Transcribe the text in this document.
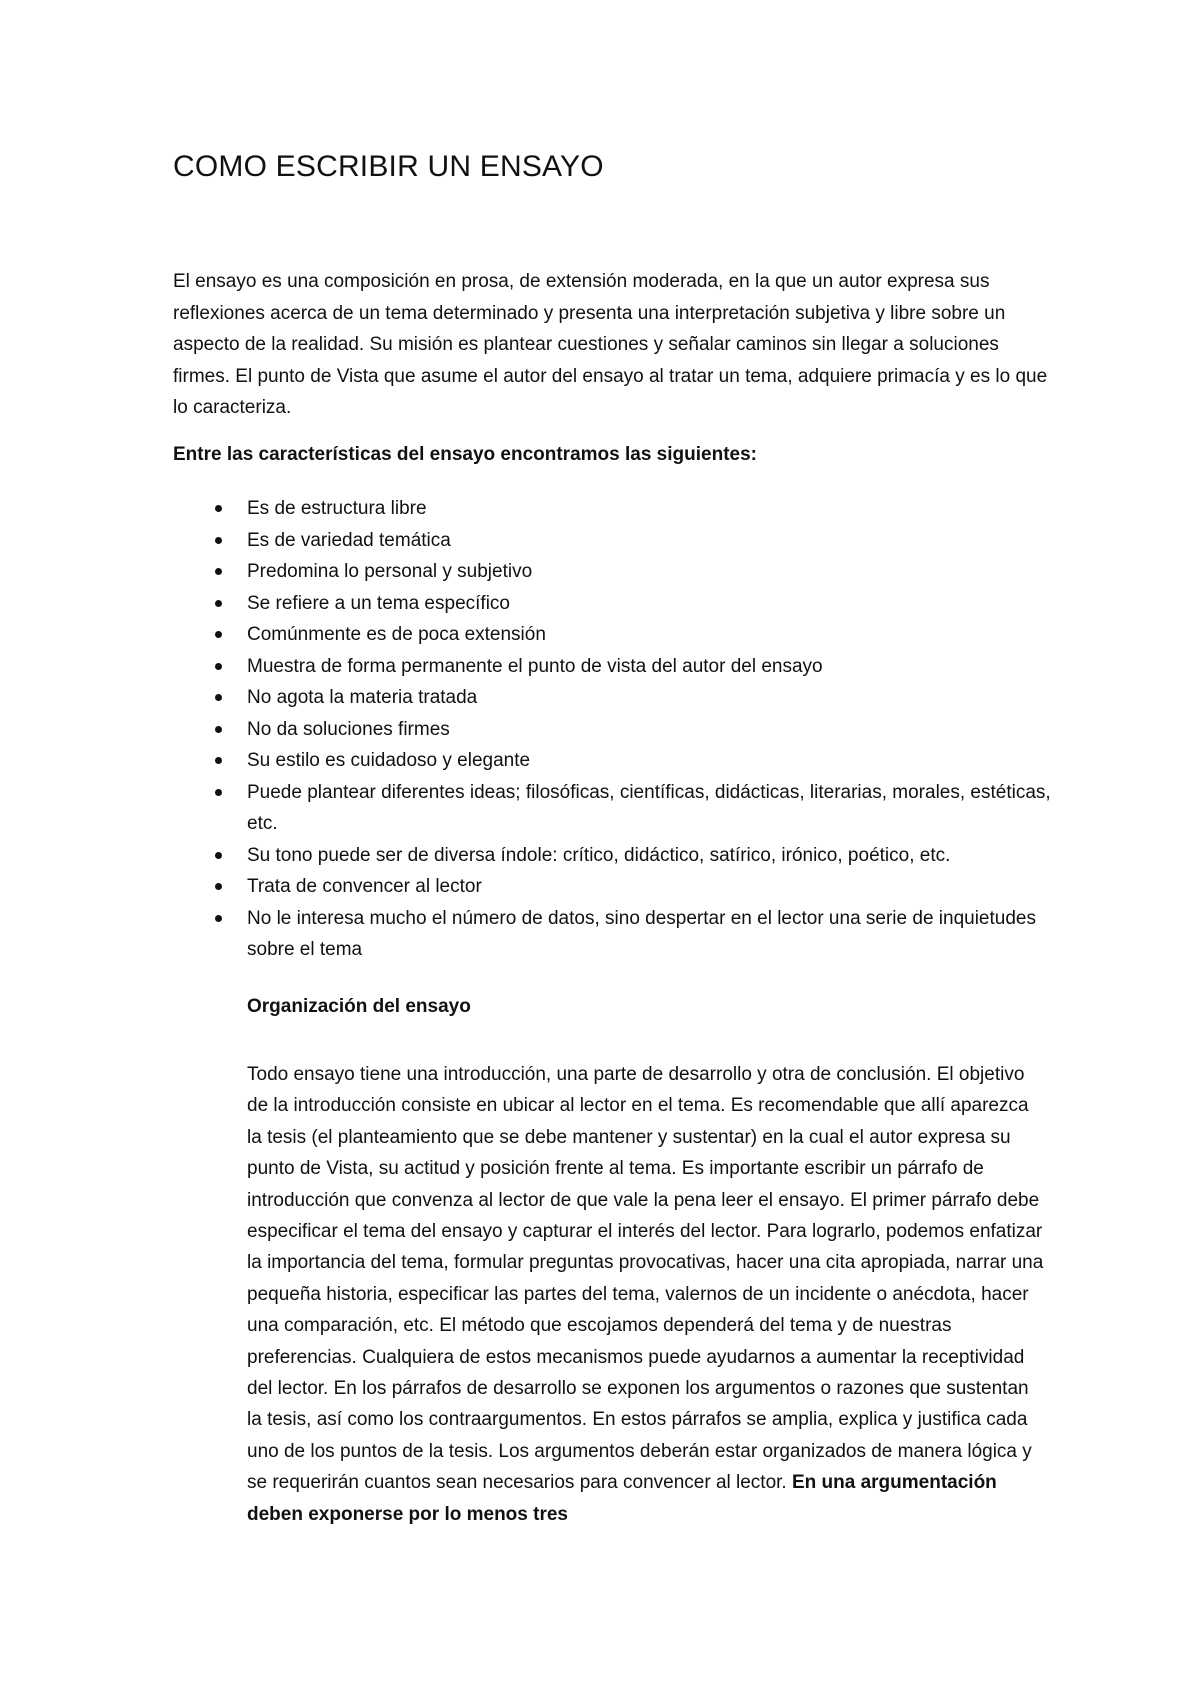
COMO ESCRIBIR UN ENSAYO

El ensayo es una composición en prosa, de extensión moderada, en la que un autor expresa sus reflexiones acerca de un tema determinado y presenta una interpretación subjetiva y libre sobre un aspecto de la realidad. Su misión es plantear cuestiones y señalar caminos sin llegar a soluciones firmes. El punto de Vista que asume el autor del ensayo al tratar un tema, adquiere primacía y es lo que lo caracteriza.

Entre las características del ensayo encontramos las siguientes:

Es de estructura libre
Es de variedad temática
Predomina lo personal y subjetivo
Se refiere a un tema específico
Comúnmente es de poca extensión
Muestra de forma permanente el punto de vista del autor del ensayo
No agota la materia tratada
No da soluciones firmes
Su estilo es cuidadoso y elegante
Puede plantear diferentes ideas; filosóficas, científicas, didácticas, literarias, morales, estéticas, etc.
Su tono puede ser de diversa índole: crítico, didáctico, satírico, irónico, poético, etc.
Trata de convencer al lector
No le interesa mucho el número de datos, sino despertar en el lector una serie de inquietudes sobre el tema

Organización del ensayo

Todo ensayo tiene una introducción, una parte de desarrollo y otra de conclusión. El objetivo de la introducción consiste en ubicar al lector en el tema. Es recomendable que allí aparezca la tesis (el planteamiento que se debe mantener y sustentar) en la cual el autor expresa su punto de Vista, su actitud y posición frente al tema. Es importante escribir un párrafo de introducción que convenza al lector de que vale la pena leer el ensayo. El primer párrafo debe especificar el tema del ensayo y capturar el interés del lector. Para lograrlo, podemos enfatizar la importancia del tema, formular preguntas provocativas, hacer una cita apropiada, narrar una pequeña historia, especificar las partes del tema, valernos de un incidente o anécdota, hacer una comparación, etc. El método que escojamos dependerá del tema y de nuestras preferencias. Cualquiera de estos mecanismos puede ayudarnos a aumentar la receptividad del lector. En los párrafos de desarrollo se exponen los argumentos o razones que sustentan la tesis, así como los contraargumentos. En estos párrafos se amplia, explica y justifica cada uno de los puntos de la tesis. Los argumentos deberán estar organizados de manera lógica y se requerirán cuantos sean necesarios para convencer al lector. En una argumentación deben exponerse por lo menos tres
